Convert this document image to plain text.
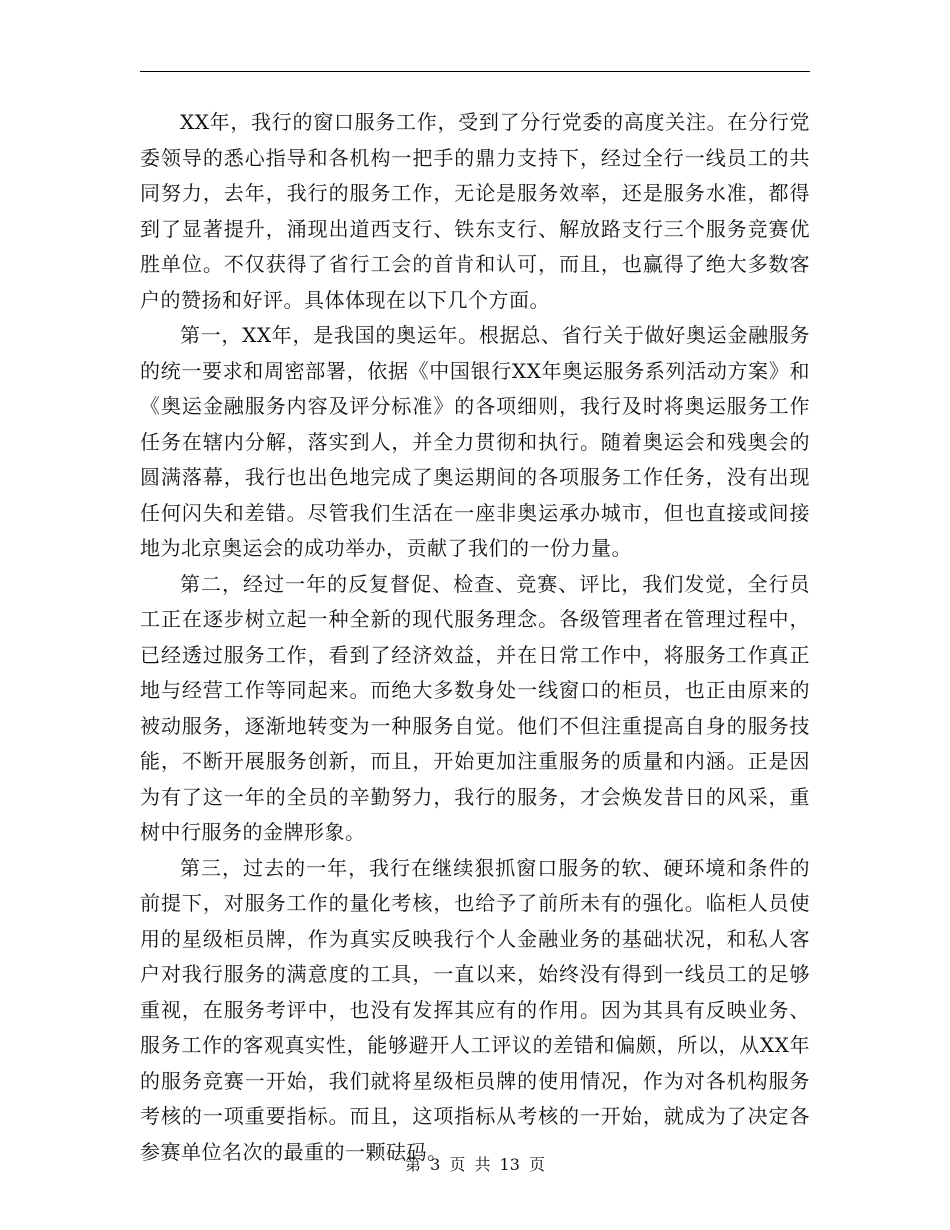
XX年，我行的窗口服务工作，受到了分行党委的高度关注。在分行党委领导的悉心指导和各机构一把手的鼎力支持下，经过全行一线员工的共同努力，去年，我行的服务工作，无论是服务效率，还是服务水准，都得到了显著提升，涌现出道西支行、铁东支行、解放路支行三个服务竞赛优胜单位。不仅获得了省行工会的首肯和认可，而且，也赢得了绝大多数客户的赞扬和好评。具体体现在以下几个方面。

第一，XX年，是我国的奥运年。根据总、省行关于做好奥运金融服务的统一要求和周密部署，依据《中国银行XX年奥运服务系列活动方案》和《奥运金融服务内容及评分标准》的各项细则，我行及时将奥运服务工作任务在辖内分解，落实到人，并全力贯彻和执行。随着奥运会和残奥会的圆满落幕，我行也出色地完成了奥运期间的各项服务工作任务，没有出现任何闪失和差错。尽管我们生活在一座非奥运承办城市，但也直接或间接地为北京奥运会的成功举办，贡献了我们的一份力量。

第二，经过一年的反复督促、检查、竞赛、评比，我们发觉，全行员工正在逐步树立起一种全新的现代服务理念。各级管理者在管理过程中，已经透过服务工作，看到了经济效益，并在日常工作中，将服务工作真正地与经营工作等同起来。而绝大多数身处一线窗口的柜员，也正由原来的被动服务，逐渐地转变为一种服务自觉。他们不但注重提高自身的服务技能，不断开展服务创新，而且，开始更加注重服务的质量和内涵。正是因为有了这一年的全员的辛勤努力，我行的服务，才会焕发昔日的风采，重树中行服务的金牌形象。

第三，过去的一年，我行在继续狠抓窗口服务的软、硬环境和条件的前提下，对服务工作的量化考核，也给予了前所未有的强化。临柜人员使用的星级柜员牌，作为真实反映我行个人金融业务的基础状况，和私人客户对我行服务的满意度的工具，一直以来，始终没有得到一线员工的足够重视，在服务考评中，也没有发挥其应有的作用。因为其具有反映业务、服务工作的客观真实性，能够避开人工评议的差错和偏颇，所以，从XX年的服务竞赛一开始，我们就将星级柜员牌的使用情况，作为对各机构服务考核的一项重要指标。而且，这项指标从考核的一开始，就成为了决定各参赛单位名次的最重的一颗砝码。

第 3 页 共 13 页
